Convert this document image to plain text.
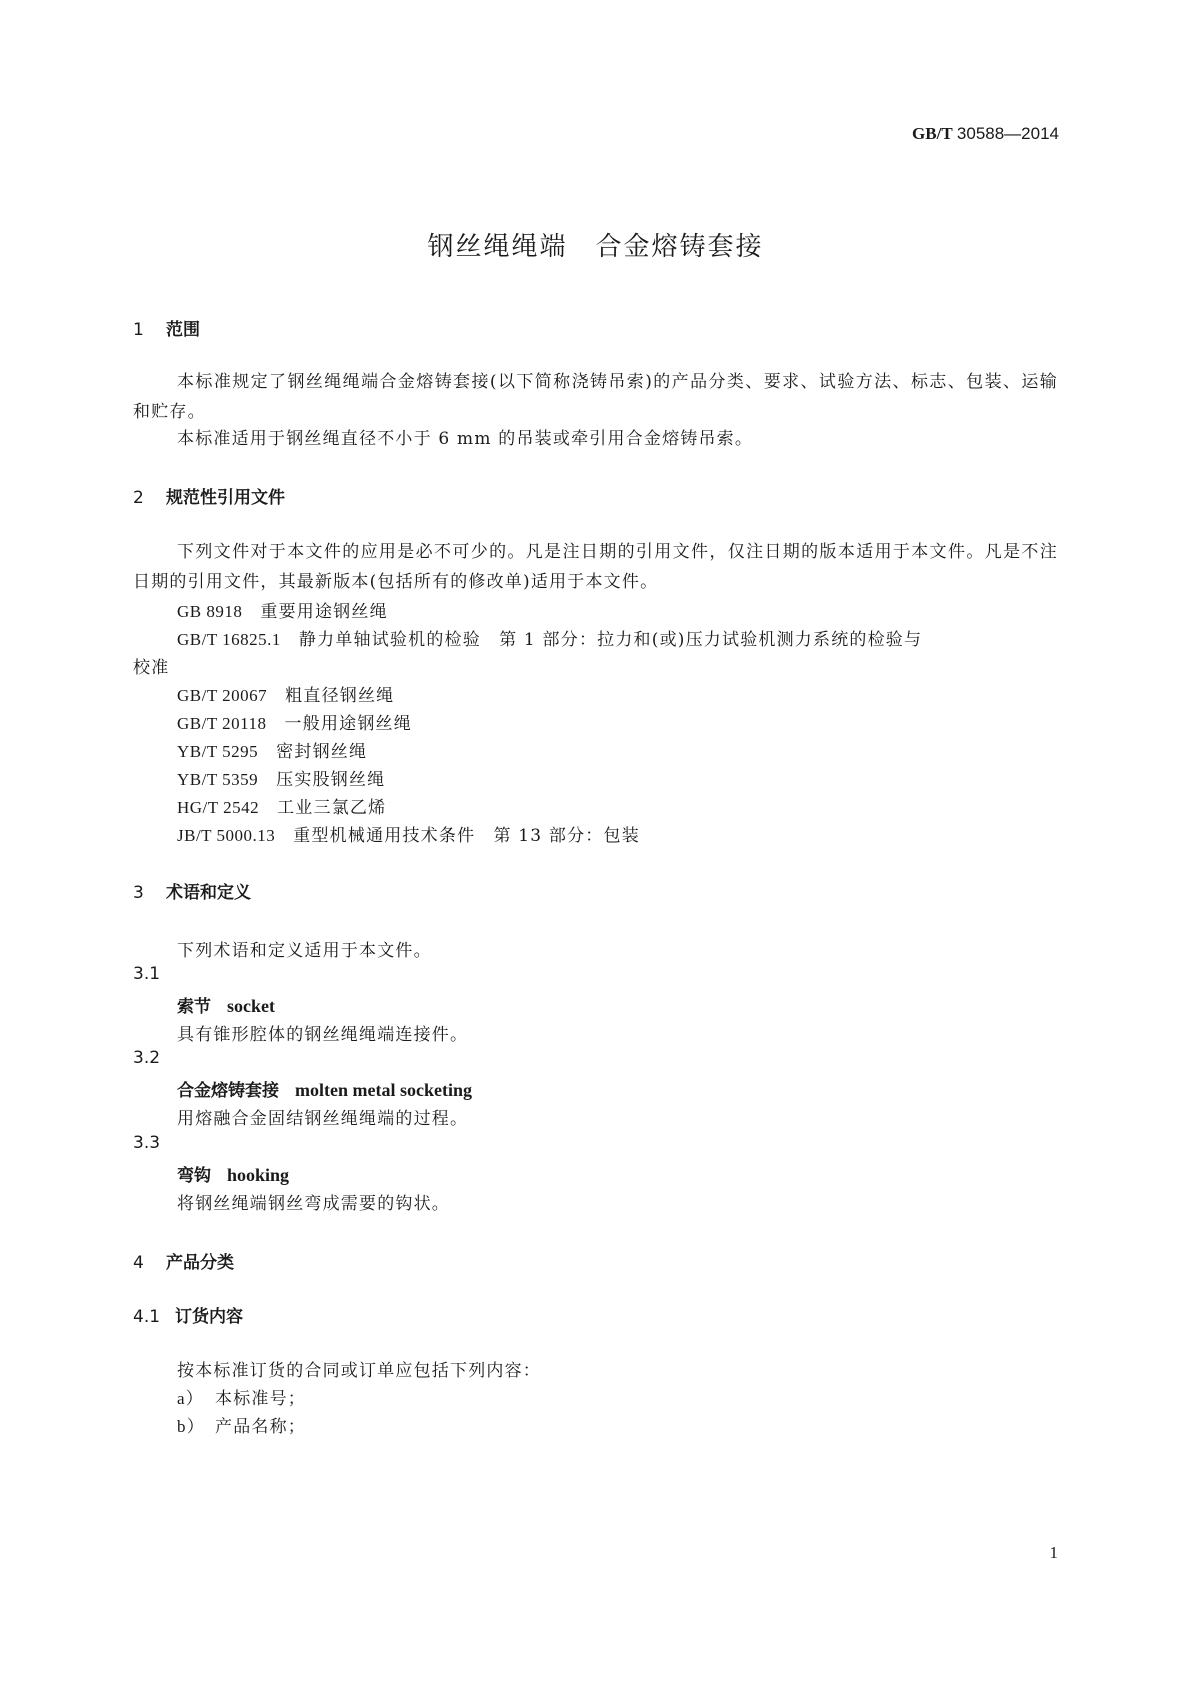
GB/T 30588—2014
钢丝绳绳端　合金熔铸套接
1 范围
本标准规定了钢丝绳绳端合金熔铸套接(以下简称浇铸吊索)的产品分类、要求、试验方法、标志、包装、运输和贮存。
本标准适用于钢丝绳直径不小于 6 mm 的吊装或牵引用合金熔铸吊索。
2 规范性引用文件
下列文件对于本文件的应用是必不可少的。凡是注日期的引用文件，仅注日期的版本适用于本文件。凡是不注日期的引用文件，其最新版本(包括所有的修改单)适用于本文件。
GB 8918 重要用途钢丝绳
GB/T 16825.1 静力单轴试验机的检验　第 1 部分：拉力和(或)压力试验机测力系统的检验与
校准
GB/T 20067 粗直径钢丝绳
GB/T 20118 一般用途钢丝绳
YB/T 5295 密封钢丝绳
YB/T 5359 压实股钢丝绳
HG/T 2542 工业三氯乙烯
JB/T 5000.13 重型机械通用技术条件　第 13 部分：包装
3 术语和定义
下列术语和定义适用于本文件。
3.1
索节 socket
具有锥形腔体的钢丝绳绳端连接件。
3.2
合金熔铸套接 molten metal socketing
用熔融合金固结钢丝绳绳端的过程。
3.3
弯钩 hooking
将钢丝绳端钢丝弯成需要的钩状。
4 产品分类
4.1 订货内容
按本标准订货的合同或订单应包括下列内容：
a） 本标准号；
b） 产品名称；
1
